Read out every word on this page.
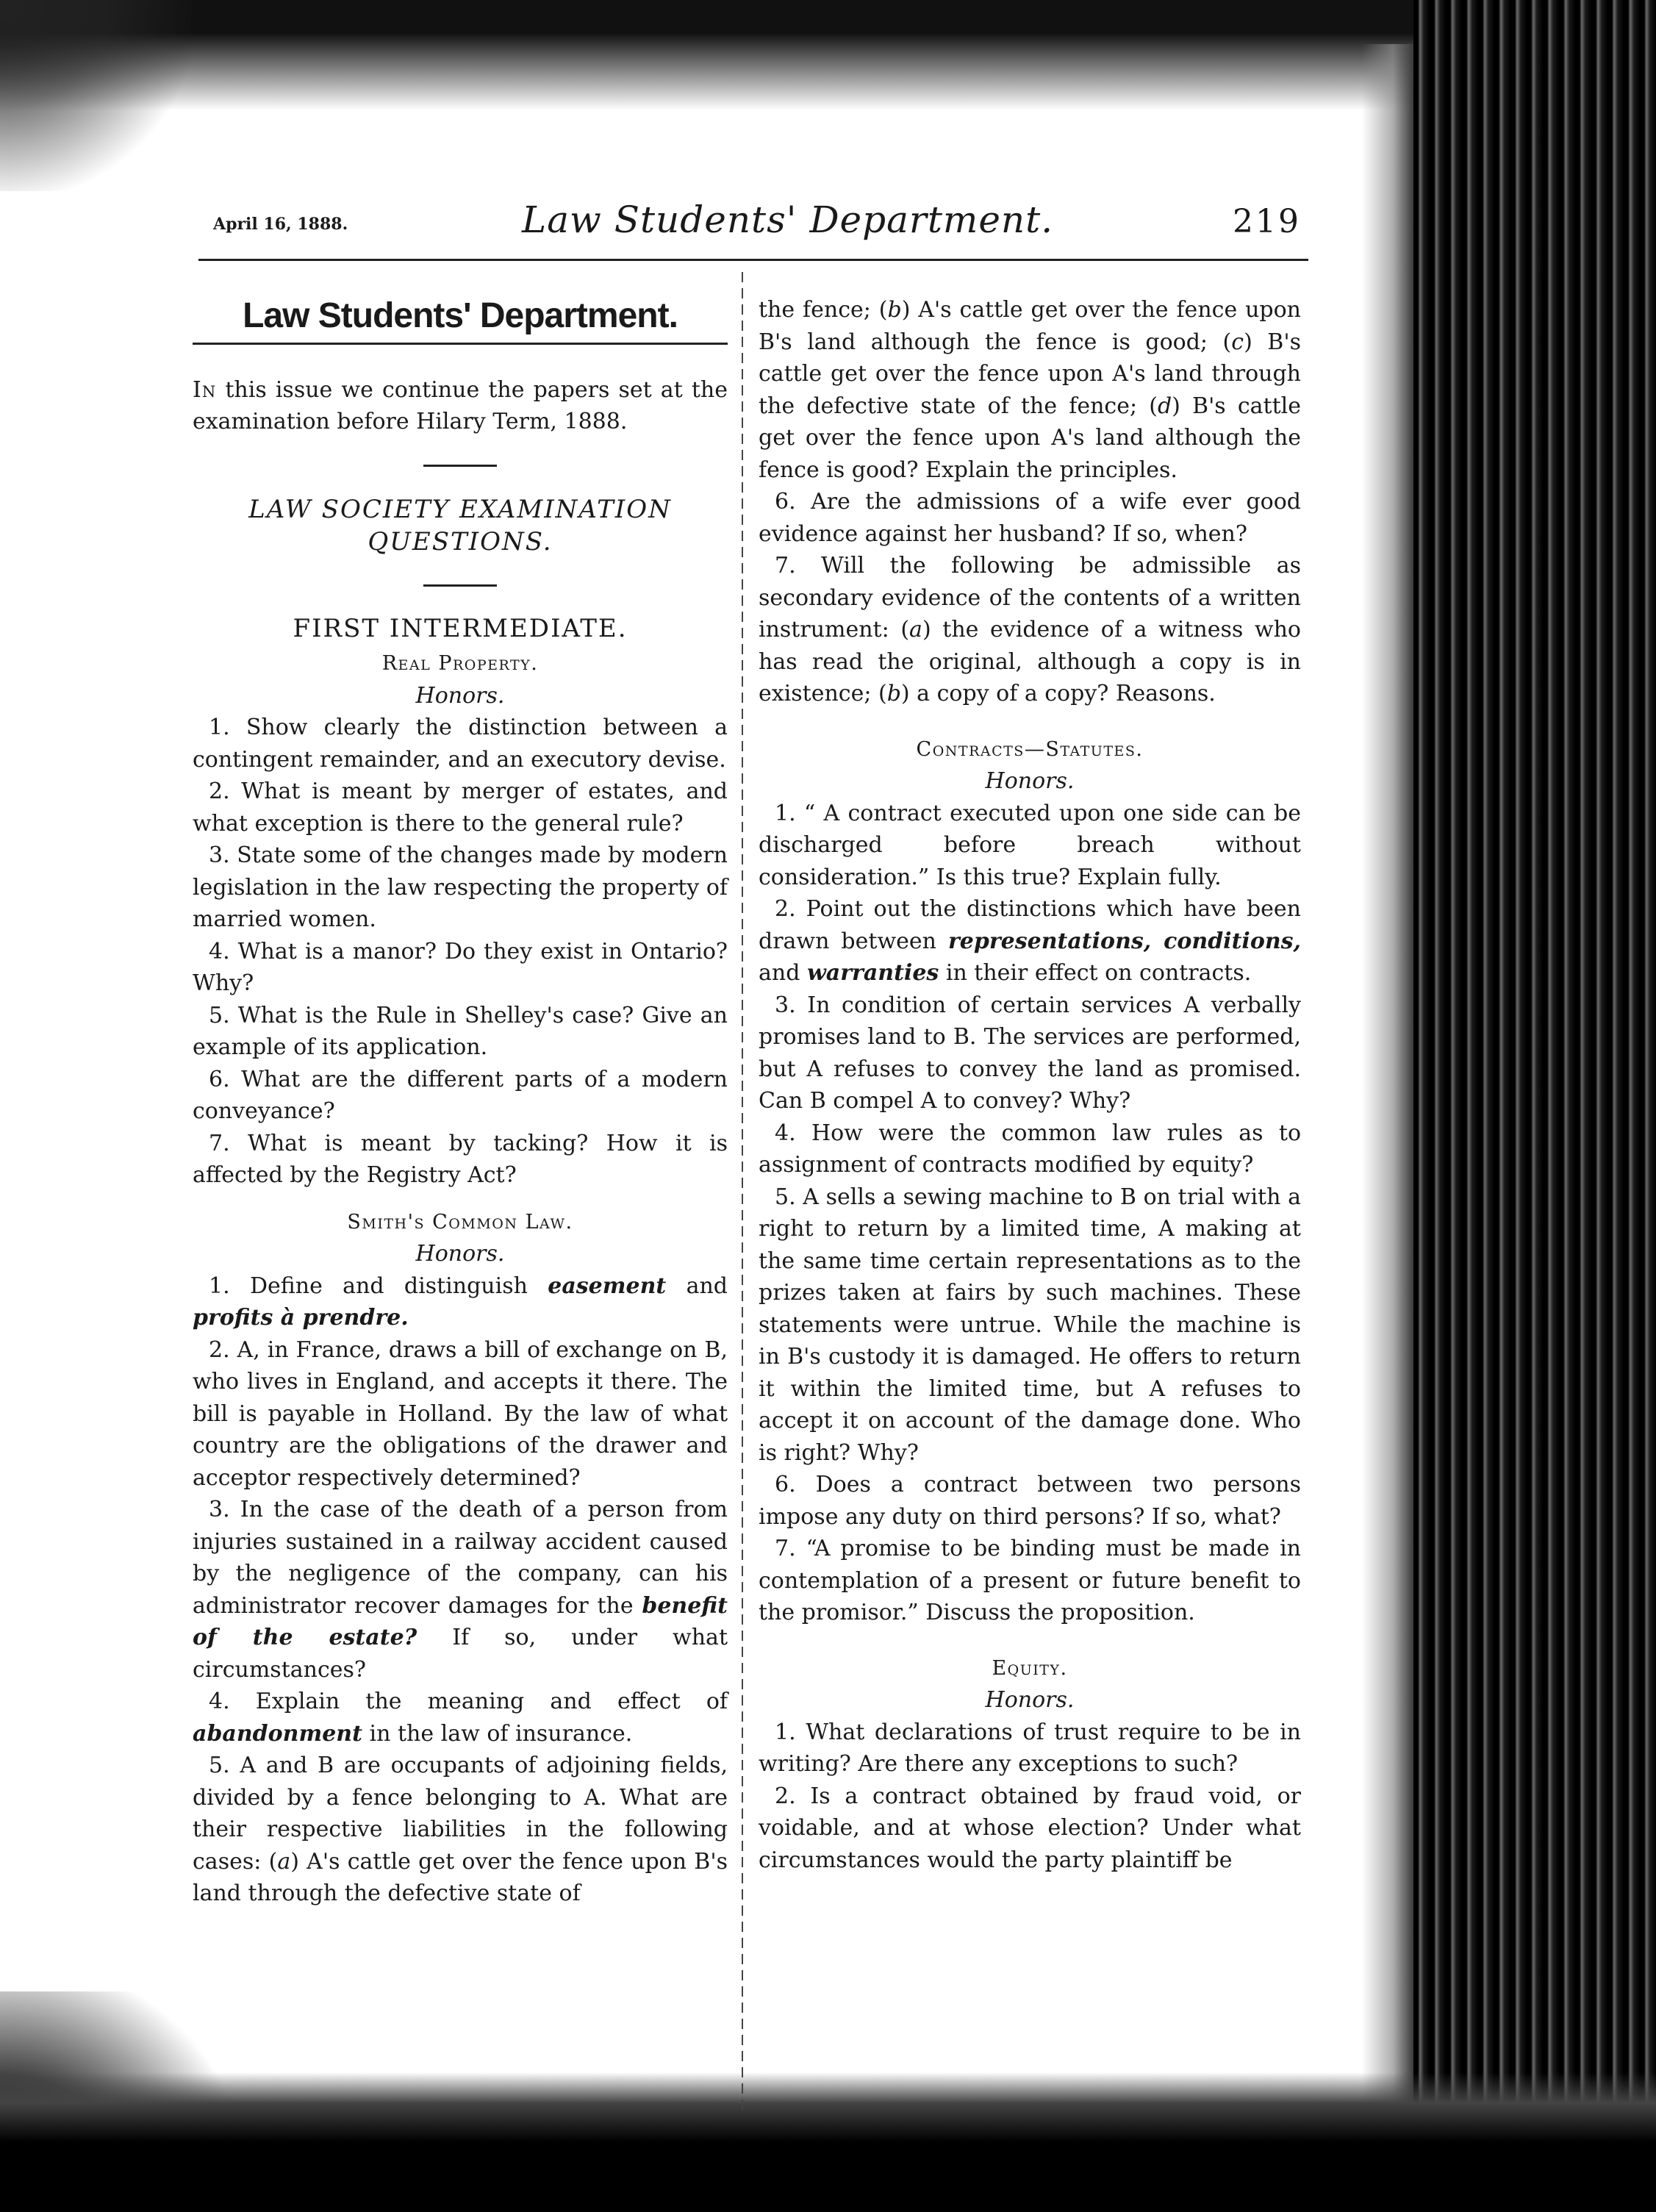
April 16, 1888.	Law Students' Department.	219
Law Students' Department.

In this issue we continue the papers set at the examination before Hilary Term, 1888.

LAW SOCIETY EXAMINATION

QUESTIONS.

FIRST INTERMEDIATE.

Real Property.

Honors.

1. Show clearly the distinction between a contingent remainder, and an executory devise.

2. What is meant by merger of estates, and what exception is there to the general rule?

3. State some of the changes made by modern legislation in the law respecting the property of married women.

4. What is a manor? Do they exist in Ontario? Why?

5. What is the Rule in Shelley's case? Give an example of its application.

6. What are the different parts of a modern conveyance?

7. What is meant by tacking? How it is affected by the Registry Act?

Smith's Common Law.

Honors.

1. Define and distinguish easement and profits à prendre.

2. A, in France, draws a bill of exchange on B, who lives in England, and accepts it there. The bill is payable in Holland. By the law of what country are the obligations of the drawer and acceptor respectively determined?

3. In the case of the death of a person from injuries sustained in a railway accident caused by the negligence of the company, can his administrator recover damages for the benefit of the estate? If so, under what circumstances?

4. Explain the meaning and effect of abandonment in the law of insurance.

5. A and B are occupants of adjoining fields, divided by a fence belonging to A. What are their respective liabilities in the following cases: (a) A's cattle get over the fence upon B's land through the defective state of

the fence; (b) A's cattle get over the fence upon B's land although the fence is good; (c) B's cattle get over the fence upon A's land through the defective state of the fence; (d) B's cattle get over the fence upon A's land although the fence is good? Explain the principles.

6. Are the admissions of a wife ever good evidence against her husband? If so, when?

7. Will the following be admissible as secondary evidence of the contents of a written instrument: (a) the evidence of a witness who has read the original, although a copy is in existence; (b) a copy of a copy? Reasons.

Contracts—Statutes.

Honors.

1. “ A contract executed upon one side can be discharged before breach without consideration.” Is this true? Explain fully.

2. Point out the distinctions which have been drawn between representations, conditions, and warranties in their effect on contracts.

3. In condition of certain services A verbally promises land to B. The services are performed, but A refuses to convey the land as promised. Can B compel A to convey? Why?

4. How were the common law rules as to assignment of contracts modified by equity?

5. A sells a sewing machine to B on trial with a right to return by a limited time, A making at the same time certain representations as to the prizes taken at fairs by such machines. These statements were untrue. While the machine is in B's custody it is damaged. He offers to return it within the limited time, but A refuses to accept it on account of the damage done. Who is right? Why?

6. Does a contract between two persons impose any duty on third persons? If so, what?

7. “A promise to be binding must be made in contemplation of a present or future benefit to the promisor.” Discuss the proposition.

Equity.

Honors.

1. What declarations of trust require to be in writing? Are there any exceptions to such?

2. Is a contract obtained by fraud void, or voidable, and at whose election? Under what circumstances would the party plaintiff be
